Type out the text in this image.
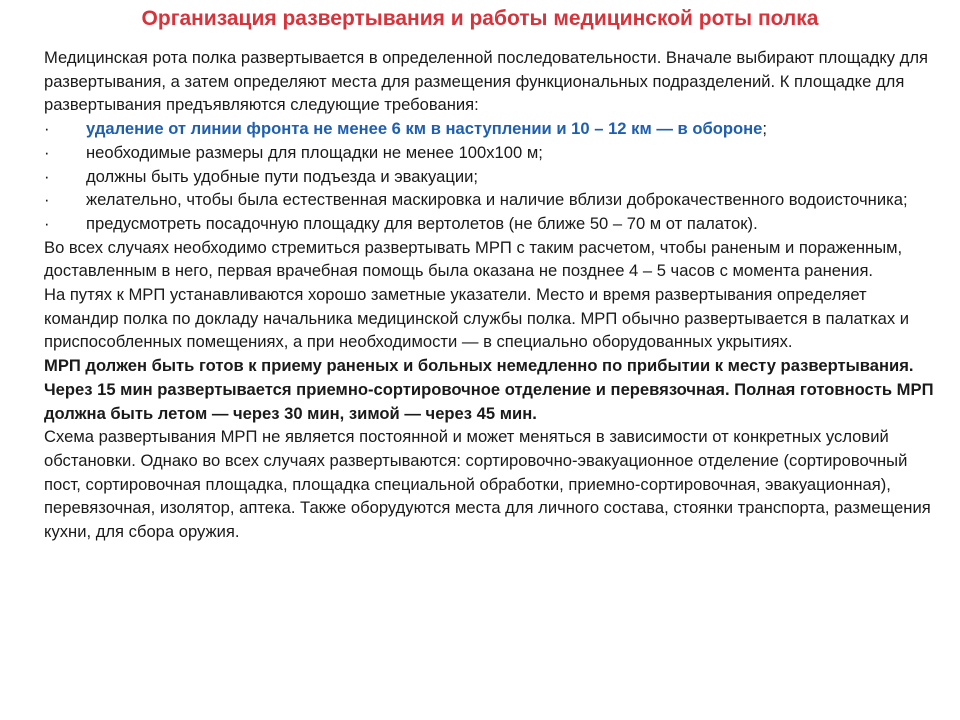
Организация развертывания и работы медицинской роты полка

Медицинская рота полка развертывается в определенной последовательности. Вначале выбирают площадку для развертывания, а затем определяют места для размещения функциональных подразделений. К площадке для развертывания предъявляются следующие требования:

·	удаление от линии фронта не менее 6 км в наступлении и 10 – 12 км — в обороне;
·	необходимые размеры для площадки не менее 100х100 м;
·	должны быть удобные пути подъезда и эвакуации;
· желательно, чтобы была естественная маскировка и наличие вблизи доброкачественного водоисточника;
·	предусмотреть посадочную площадку для вертолетов (не ближе 50 – 70 м от палаток).

Во всех случаях необходимо стремиться развертывать МРП с таким расчетом, чтобы раненым и пораженным, доставленным в него, первая врачебная помощь была оказана не позднее 4 – 5 часов с момента ранения.

На путях к МРП устанавливаются хорошо заметные указатели. Место и время развертывания определяет командир полка по докладу начальника медицинской службы полка. МРП обычно развертывается в палатках и приспособленных помещениях, а при необходимости — в специально оборудованных укрытиях.

МРП должен быть готов к приему раненых и больных немедленно по прибытии к месту развертывания. Через 15 мин развертывается приемно-сортировочное отделение и перевязочная. Полная готовность МРП должна быть летом — через 30 мин, зимой — через 45 мин.

Схема развертывания МРП не является постоянной и может меняться в зависимости от конкретных условий обстановки. Однако во всех случаях развертываются: сортировочно-эвакуационное отделение (сортировочный пост, сортировочная площадка, площадка специальной обработки, приемно-сортировочная, эвакуационная), перевязочная, изолятор, аптека. Также оборудуются места для личного состава, стоянки транспорта, размещения кухни, для сбора оружия.
